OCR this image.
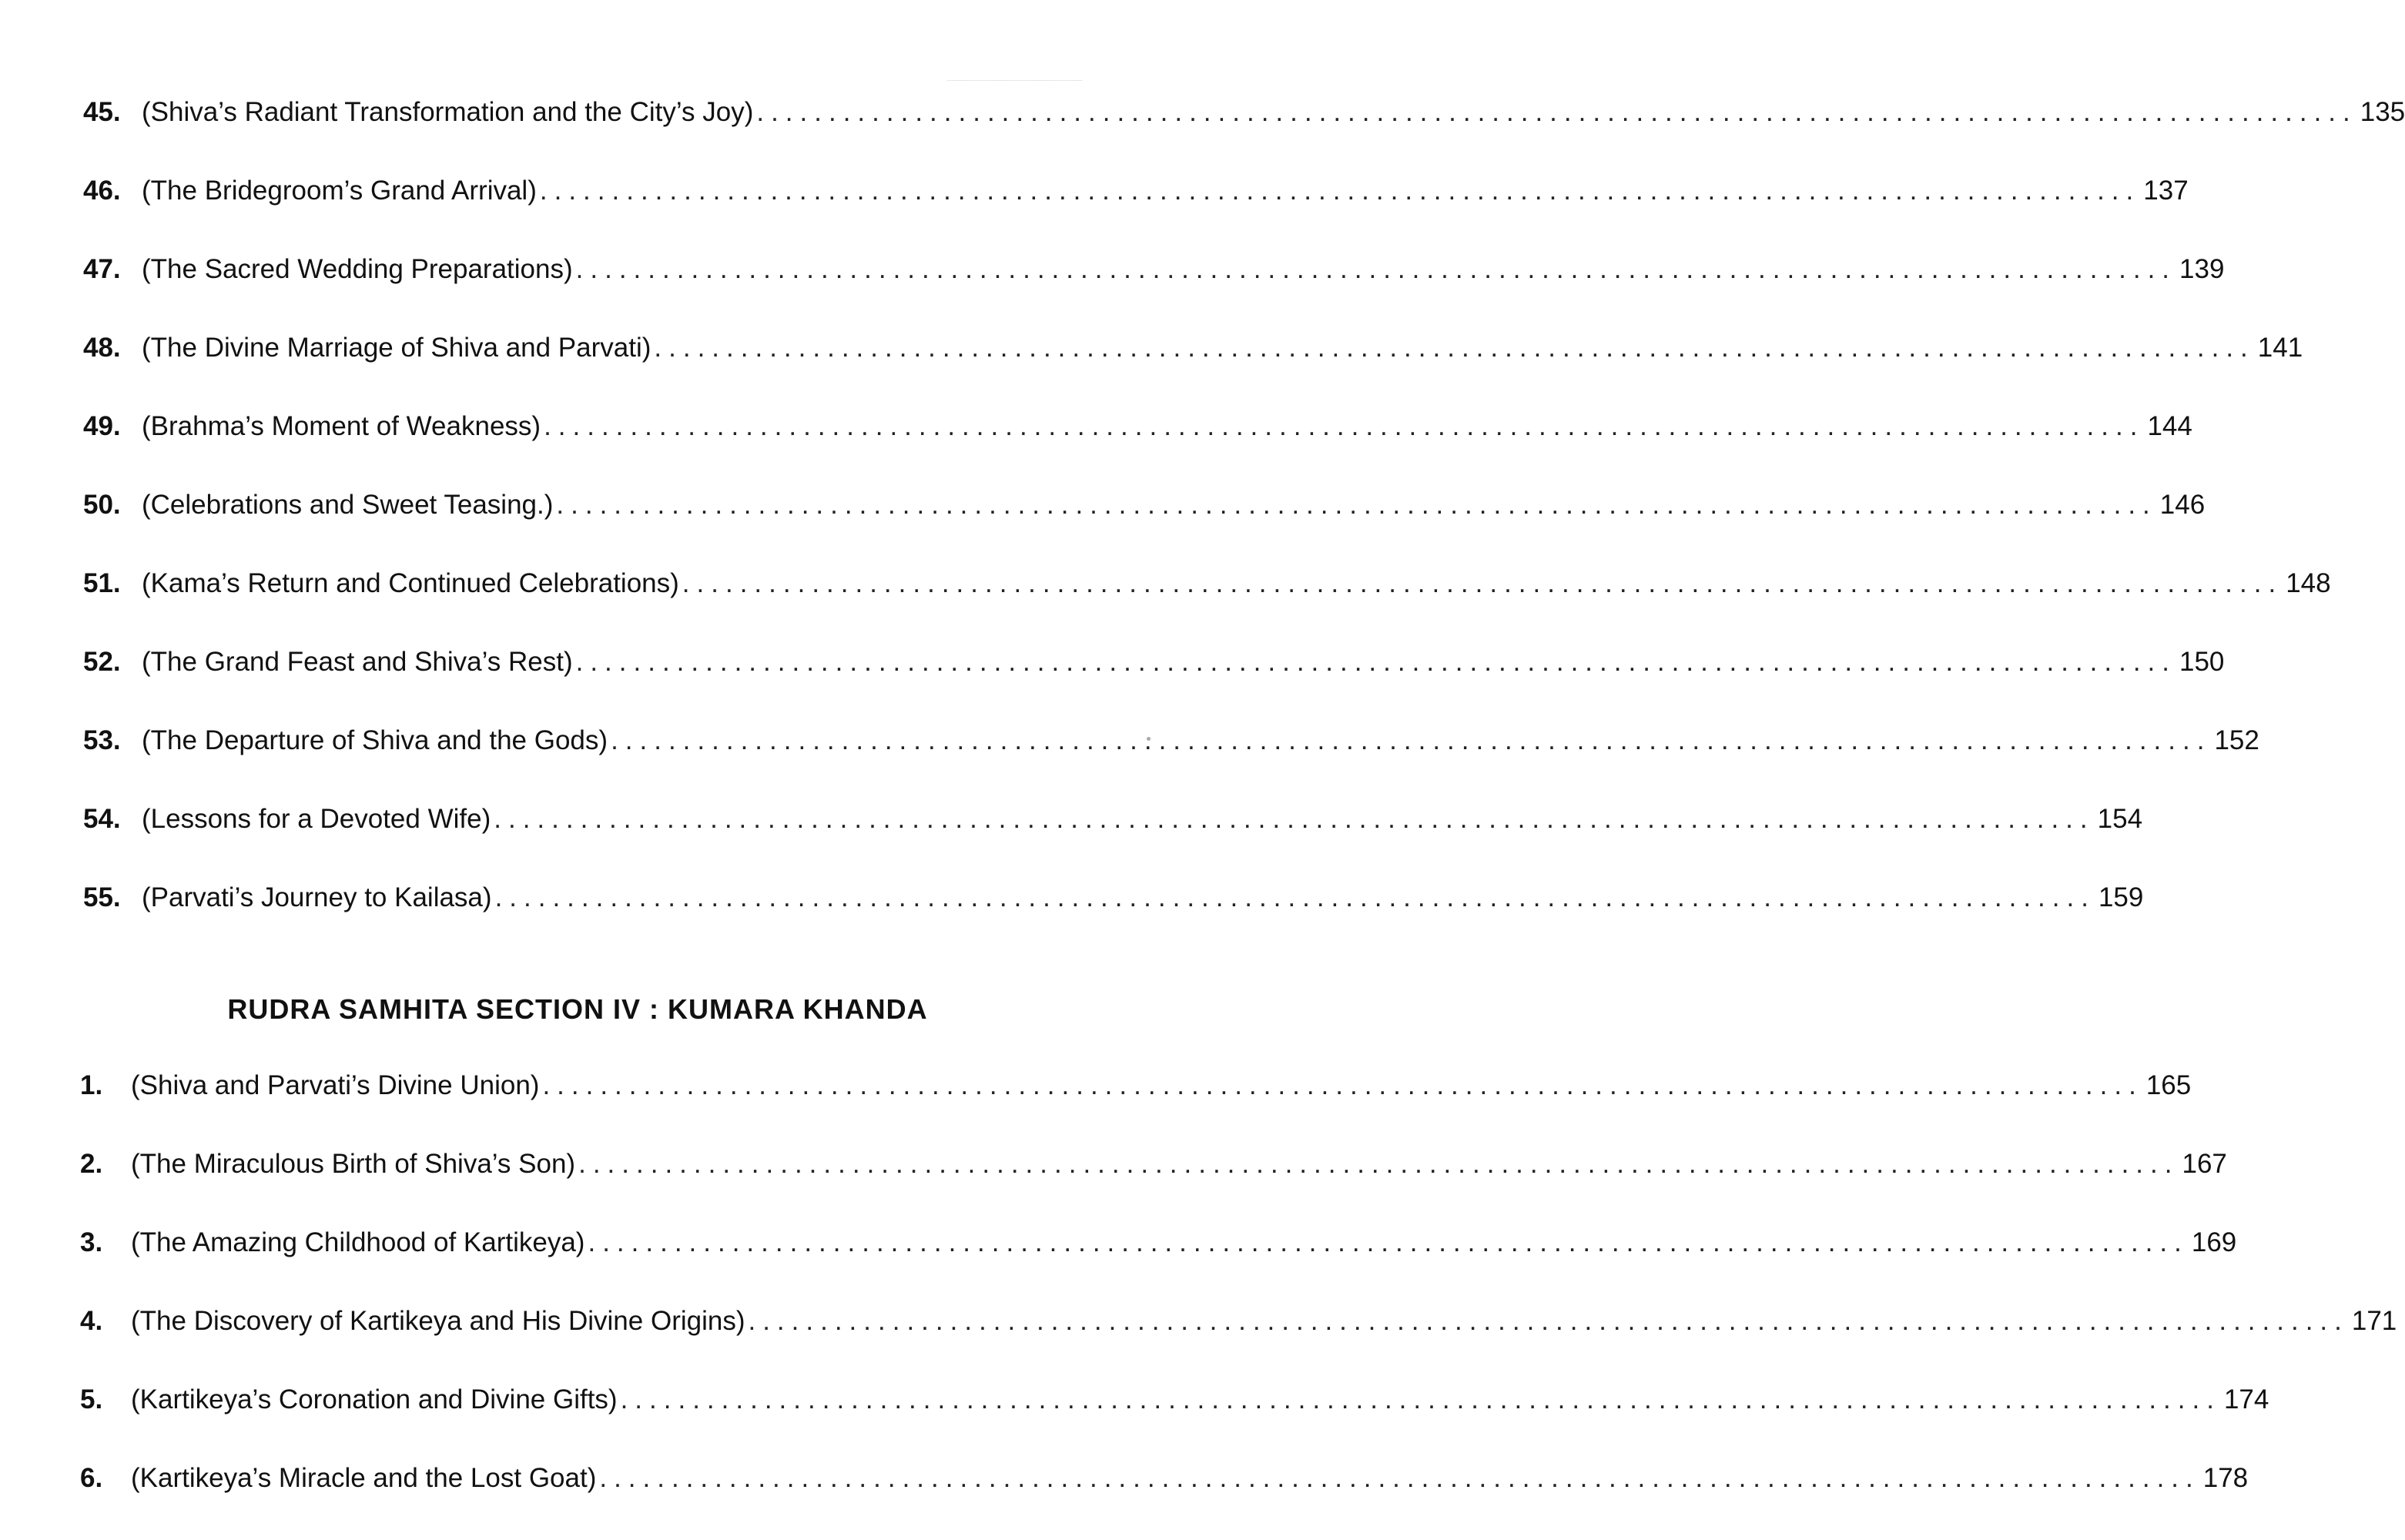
45. (Shiva’s Radiant Transformation and the City’s Joy) ............................................................................................................... 135
46. (The Bridegroom’s Grand Arrival) ............................................................................................................... 137
47. (The Sacred Wedding Preparations) ............................................................................................................... 139
48. (The Divine Marriage of Shiva and Parvati) ............................................................................................................... 141
49. (Brahma’s Moment of Weakness) ............................................................................................................... 144
50. (Celebrations and Sweet Teasing.) ............................................................................................................... 146
51. (Kama’s Return and Continued Celebrations) ............................................................................................................... 148
52. (The Grand Feast and Shiva’s Rest) ............................................................................................................... 150
53. (The Departure of Shiva and the Gods) ............................................................................................................... 152
54. (Lessons for a Devoted Wife) ............................................................................................................... 154
55. (Parvati’s Journey to Kailasa) ............................................................................................................... 159
RUDRA SAMHITA SECTION IV : KUMARA KHANDA
1.	(Shiva and Parvati’s Divine Union) ............................................................................................................... 165
2.	(The Miraculous Birth of Shiva’s Son) ............................................................................................................... 167
3.	(The Amazing Childhood of Kartikeya) ............................................................................................................... 169
4.	(The Discovery of Kartikeya and His Divine Origins) ............................................................................................................... 171
5.	(Kartikeya’s Coronation and Divine Gifts) ............................................................................................................... 174
6.	(Kartikeya’s Miracle and the Lost Goat) ............................................................................................................... 178
